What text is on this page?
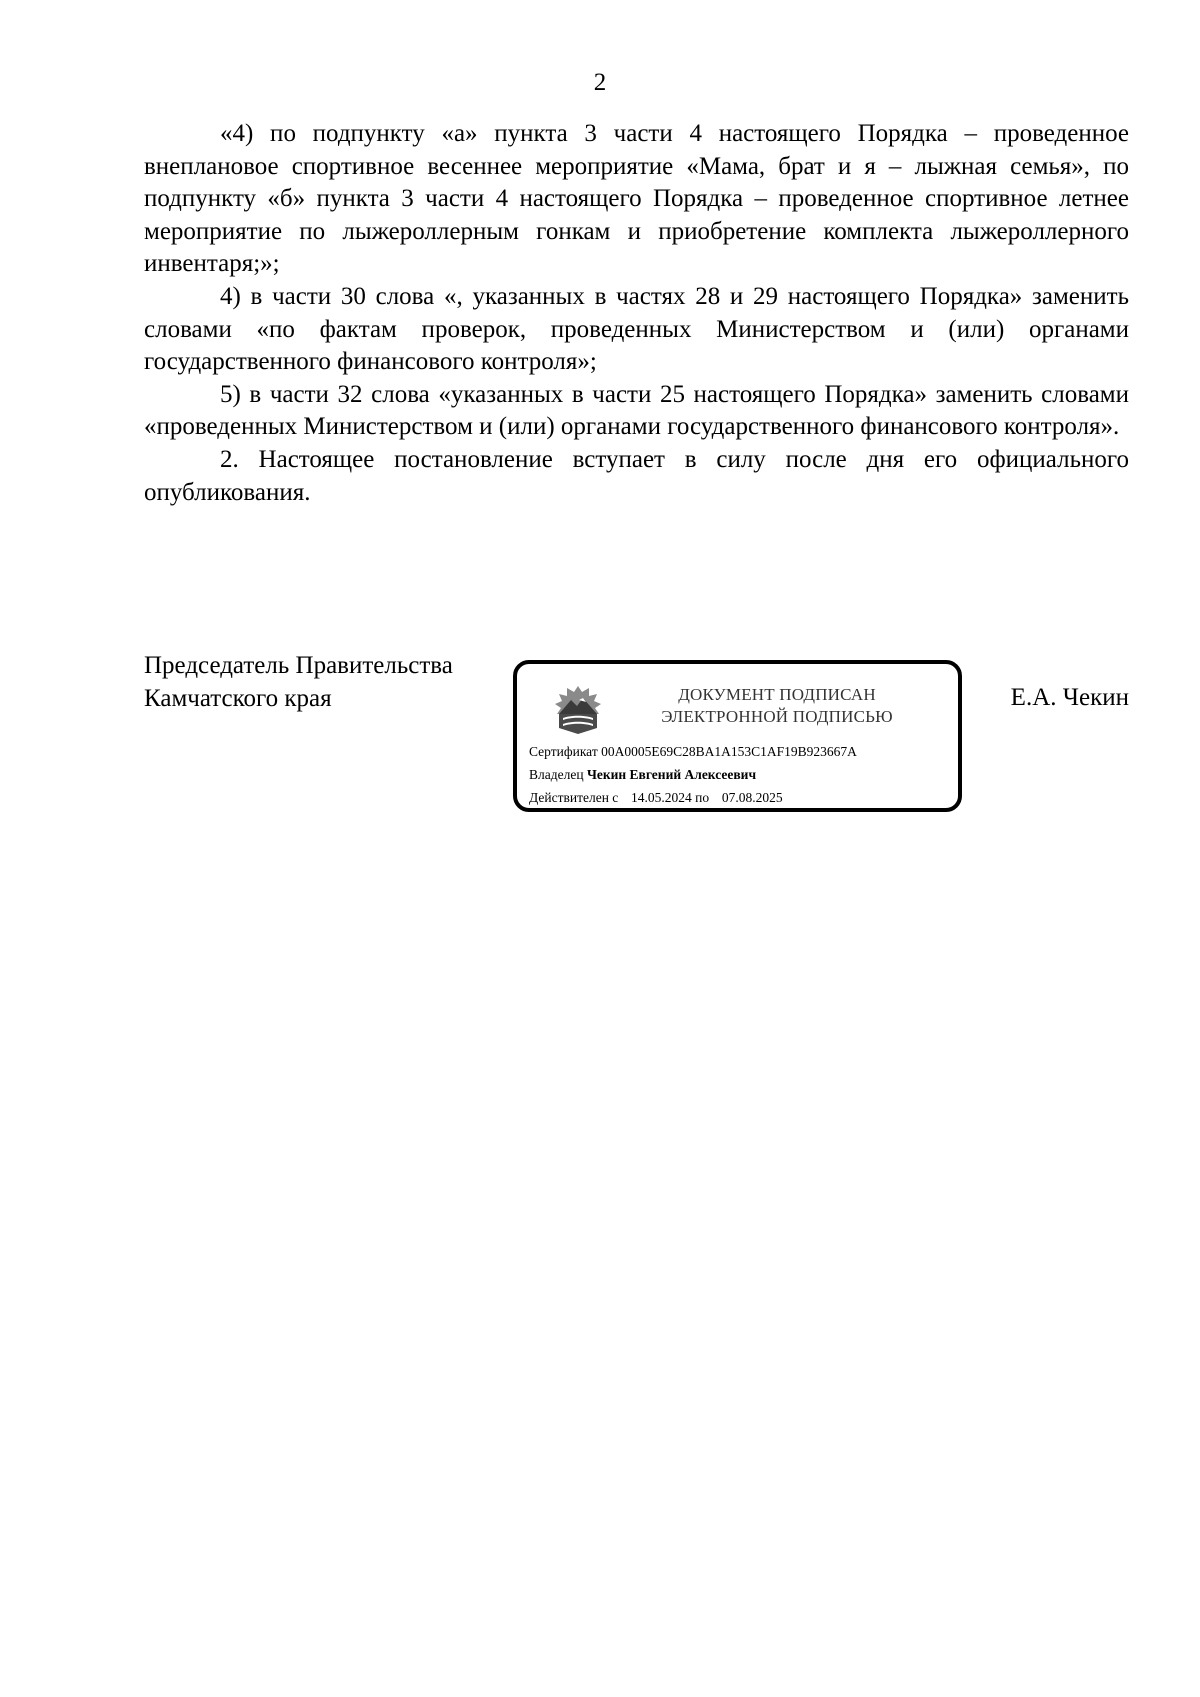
2

«4) по подпункту «а» пункта 3 части 4 настоящего Порядка – проведенное внеплановое спортивное весеннее мероприятие «Мама, брат и я – лыжная семья», по подпункту «б» пункта 3 части 4 настоящего Порядка – проведенное спортивное летнее мероприятие по лыжероллерным гонкам и приобретение комплекта лыжероллерного инвентаря;»;

4) в части 30 слова «, указанных в частях 28 и 29 настоящего Порядка» заменить словами «по фактам проверок, проведенных Министерством и (или) органами государственного финансового контроля»;

5) в части 32 слова «указанных в части 25 настоящего Порядка» заменить словами «проведенных Министерством и (или) органами государственного финансового контроля».

2. Настоящее постановление вступает в силу после дня его официального опубликования.

Председатель Правительства
Камчатского края	ДОКУМЕНТ ПОДПИСАН
ЭЛЕКТРОННОЙ ПОДПИСЬЮ
Сертификат 00A0005E69C28BA1A153C1AF19B923667A
Владелец Чекин Евгений Алексеевич
Действителен с 14.05.2024 по 07.08.2025
Е.А. Чекин
